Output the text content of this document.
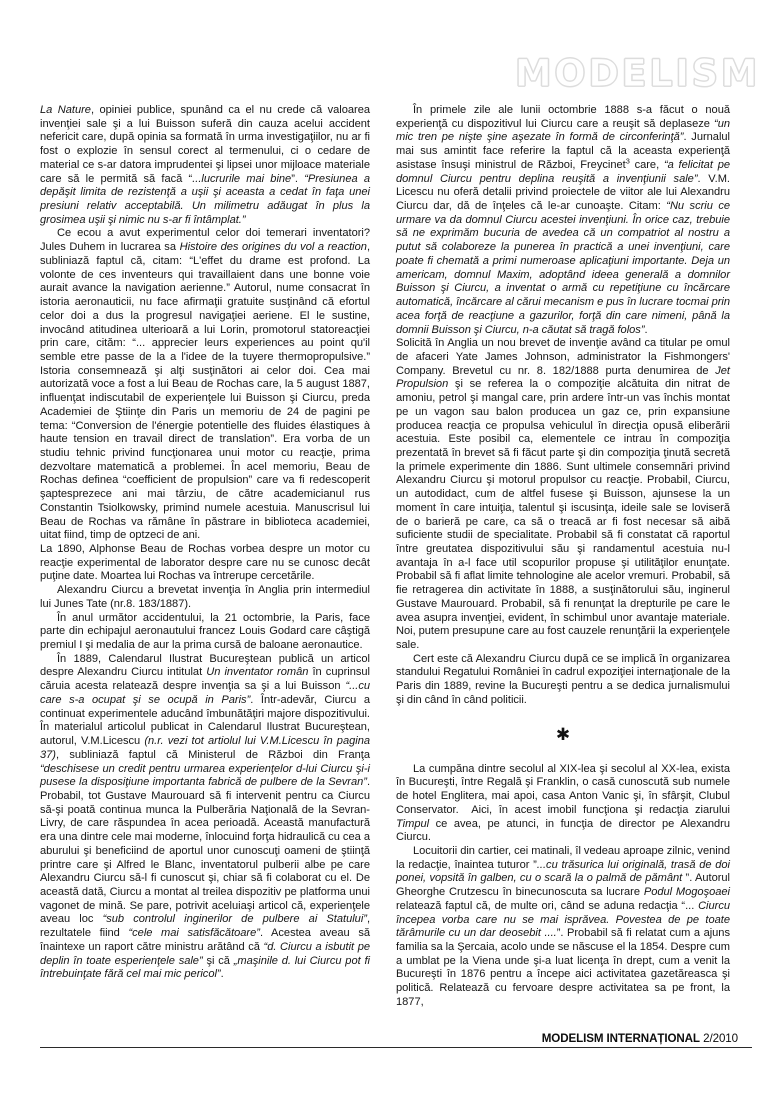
MODELISM

La Nature, opiniei publice, spunând ca el nu crede că valoarea invenţiei sale şi a lui Buisson suferă din cauza acelui accident nefericit care, după opinia sa formată în urma investigaţiilor, nu ar fi fost o explozie în sensul corect al termenului, ci o cedare de material ce s-ar datora imprudentei şi lipsei unor mijloace materiale care să le permită să facă “...lucrurile mai bine”. “Presiunea a depăşit limita de rezistenţă a uşii şi aceasta a cedat în faţa unei presiuni relativ acceptabilă. Un milimetru adăugat în plus la grosimea uşii şi nimic nu s-ar fi întâmplat.”

Ce ecou a avut experimentul celor doi temerari inventatori? Jules Duhem in lucrarea sa Histoire des origines du vol a reaction, subliniază faptul că, citam: “L'effet du drame est profond. La volonte de ces inventeurs qui travaillaient dans une bonne voie aurait avance la navigation aerienne.” Autorul, nume consacrat în istoria aeronauticii, nu face afirmaţii gratuite susţinând că efortul celor doi a dus la progresul navigaţiei aeriene. El le sustine, invocând atitudinea ulterioară a lui Lorin, promotorul statoreacţiei prin care, cităm: “... apprecier leurs experiences au point qu'il semble etre passe de la a l'idee de la tuyere thermopropulsive.” Istoria consemnează şi alţi susţinători ai celor doi. Cea mai autorizată voce a fost a lui Beau de Rochas care, la 5 august 1887, influenţat indiscutabil de experienţele lui Buisson şi Ciurcu, preda Academiei de Ştiinţe din Paris un memoriu de 24 de pagini pe tema: “Conversion de l'énergie potentielle des fluides élastiques à haute tension en travail direct de translation”. Era vorba de un studiu tehnic privind funcţionarea unui motor cu reacţie, prima dezvoltare matematică a problemei. În acel memoriu, Beau de Rochas definea “coefficient de propulsion” care va fi redescoperit şaptesprezece ani mai târziu, de către academicianul rus Constantin Tsiolkowsky, primind numele acestuia. Manuscrisul lui Beau de Rochas va rămâne în păstrare in biblioteca academiei, uitat fiind, timp de optzeci de ani.

La 1890, Alphonse Beau de Rochas vorbea despre un motor cu reacţie experimental de laborator despre care nu se cunosc decât puţine date. Moartea lui Rochas va întrerupe cercetările.

Alexandru Ciurcu a brevetat invenţia în Anglia prin intermediul lui Junes Tate (nr.8. 183/1887).

În anul următor accidentului, la 21 octombrie, la Paris, face parte din echipajul aeronautului francez Louis Godard care câştigă premiul I şi medalia de aur la prima cursă de baloane aeronautice.

În 1889, Calendarul Ilustrat Bucureştean publică un articol despre Alexandru Ciurcu intitulat Un inventator român în cuprinsul căruia acesta relatează despre invenţia sa şi a lui Buisson “...cu care s-a ocupat şi se ocupă in Paris”. Într-adevăr, Ciurcu a continuat experimentele aducând îmbunătăţiri majore dispozitivului. În materialul articolul publicat in Calendarul Ilustrat Bucureştean, autorul, V.M.Licescu (n.r. vezi tot artiolul lui V.M.Licescu în pagina 37), subliniază faptul că Ministerul de Război din Franţa “deschisese un credit pentru urmarea experienţelor d-lui Ciurcu şi-i pusese la disposiţiune importanta fabrică de pulbere de la Sevran”. Probabil, tot Gustave Maurouard să fi intervenit pentru ca Ciurcu să-şi poată continua munca la Pulberăria Naţională de la Sevran-Livry, de care răspundea în acea perioadă. Această manufactură era una dintre cele mai moderne, înlocuind forţa hidraulică cu cea a aburului şi beneficiind de aportul unor cunoscuţi oameni de ştiinţă printre care şi Alfred le Blanc, inventatorul pulberii albe pe care Alexandru Ciurcu să-l fi cunoscut şi, chiar să fi colaborat cu el. De această dată, Ciurcu a montat al treilea dispozitiv pe platforma unui vagonet de mină. Se pare, potrivit aceluiaşi articol că, experienţele aveau loc “sub controlul inginerilor de pulbere ai Statului”, rezultatele fiind “cele mai satisfăcătoare”. Acestea aveau să înaintexe un raport către ministru arătând că “d. Ciurcu a isbutit pe deplin în toate esperienţele sale” şi că „maşinile d. lui Ciurcu pot fi întrebuinţate fără cel mai mic pericol”.

În primele zile ale lunii octombrie 1888 s-a făcut o nouă experienţă cu dispozitivul lui Ciurcu care a reuşit să deplaseze “un mic tren pe nişte şine aşezate în formă de circonferinţă”. Jurnalul mai sus amintit face referire la faptul că la aceasta experienţă asistase însuşi ministrul de Război, Freycinet$^3$ care, “a felicitat pe domnul Ciurcu pentru deplina reuşită a invenţiunii sale”. V.M. Licescu nu oferă detalii privind proiectele de viitor ale lui Alexandru Ciurcu dar, dă de înţeles că le-ar cunoaşte. Citam: “Nu scriu ce urmare va da domnul Ciurcu acestei invenţiuni. În orice caz, trebuie să ne exprimăm bucuria de avedea că un compatriot al nostru a putut să colaboreze la punerea în practică a unei invenţiuni, care poate fi chemată a primi numeroase aplicaţiuni importante. Deja un americam, domnul Maxim, adoptând ideea generală a domnilor Buisson şi Ciurcu, a inventat o armă cu repetiţiune cu încărcare automatică, încărcare al cărui mecanism e pus în lucrare tocmai prin acea forţă de reacţiune a gazurilor, forţă din care nimeni, până la domnii Buisson şi Ciurcu, n-a căutat să tragă folos”.

Solicită în Anglia un nou brevet de invenţie având ca titular pe omul de afaceri Yate James Johnson, administrator la Fishmongers' Company. Brevetul cu nr. 8. 182/1888 purta denumirea de Jet Propulsion şi se referea la o compoziţie alcătuita din nitrat de amoniu, petrol şi mangal care, prin ardere într-un vas închis montat pe un vagon sau balon producea un gaz ce, prin expansiune producea reacţia ce propulsa vehiculul în direcţia opusă eliberării acestuia. Este posibil ca, elementele ce intrau în compoziţia prezentată în brevet să fi făcut parte şi din compoziţia ţinută secretă la primele experimente din 1886. Sunt ultimele consemnări privind Alexandru Ciurcu şi motorul propulsor cu reacţie. Probabil, Ciurcu, un autodidact, cum de altfel fusese şi Buisson, ajunsese la un moment în care intuiţia, talentul şi iscusinţa, ideile sale se loviseră de o barieră pe care, ca să o treacă ar fi fost necesar să aibă suficiente studii de specialitate. Probabil să fi constatat că raportul între greutatea dispozitivului său şi randamentul acestuia nu-l avantaja în a-l face util scopurilor propuse şi utilităţilor enunţate. Probabil să fi aflat limite tehnologine ale acelor vremuri. Probabil, să fie retragerea din activitate în 1888, a susţinătorului său, inginerul Gustave Maurouard. Probabil, să fi renunţat la drepturile pe care le avea asupra invenţiei, evident, în schimbul unor avantaje materiale. Noi, putem presupune care au fost cauzele renunţării la experienţele sale.

Cert este că Alexandru Ciurcu după ce se implică în organizarea standului Regatului României în cadrul expoziţiei internaţionale de la Paris din 1889, revine la Bucureşti pentru a se dedica jurnalismului şi din când în când politicii.

✱

La cumpăna dintre secolul al XIX-lea şi secolul al XX-lea, exista în Bucureşti, între Regală şi Franklin, o casă cunoscută sub numele de hotel Englitera, mai apoi, casa Anton Vanic şi, în sfârşit, Clubul Conservator.  Aici, în acest imobil funcţiona şi redacţia ziarului Timpul ce avea, pe atunci, in funcţia de director pe Alexandru Ciurcu.

Locuitorii din cartier, cei matinali, îl vedeau aproape zilnic, venind la redacţie, înaintea tuturor ”...cu trăsurica lui originală, trasă de doi ponei, vopsită în galben, cu o scară la o palmă de pământ ”. Autorul Gheorghe Crutzescu în binecunoscuta sa lucrare Podul Mogoşoaei relatează faptul că, de multe ori, când se aduna redacţia “... Ciurcu începea vorba care nu se mai isprăvea. Povestea de pe toate tărâmurile cu un dar deosebit ....”. Probabil să fi relatat cum a ajuns familia sa la Şercaia, acolo unde se născuse el la 1854. Despre cum a umblat pe la Viena unde şi-a luat licenţa în drept, cum a venit la Bucureşti în 1876 pentru a începe aici activitatea gazetăreasca şi politică. Relatează cu fervoare despre activitatea sa pe front, la 1877,

MODELISM INTERNAȚIONAL 2/2010
